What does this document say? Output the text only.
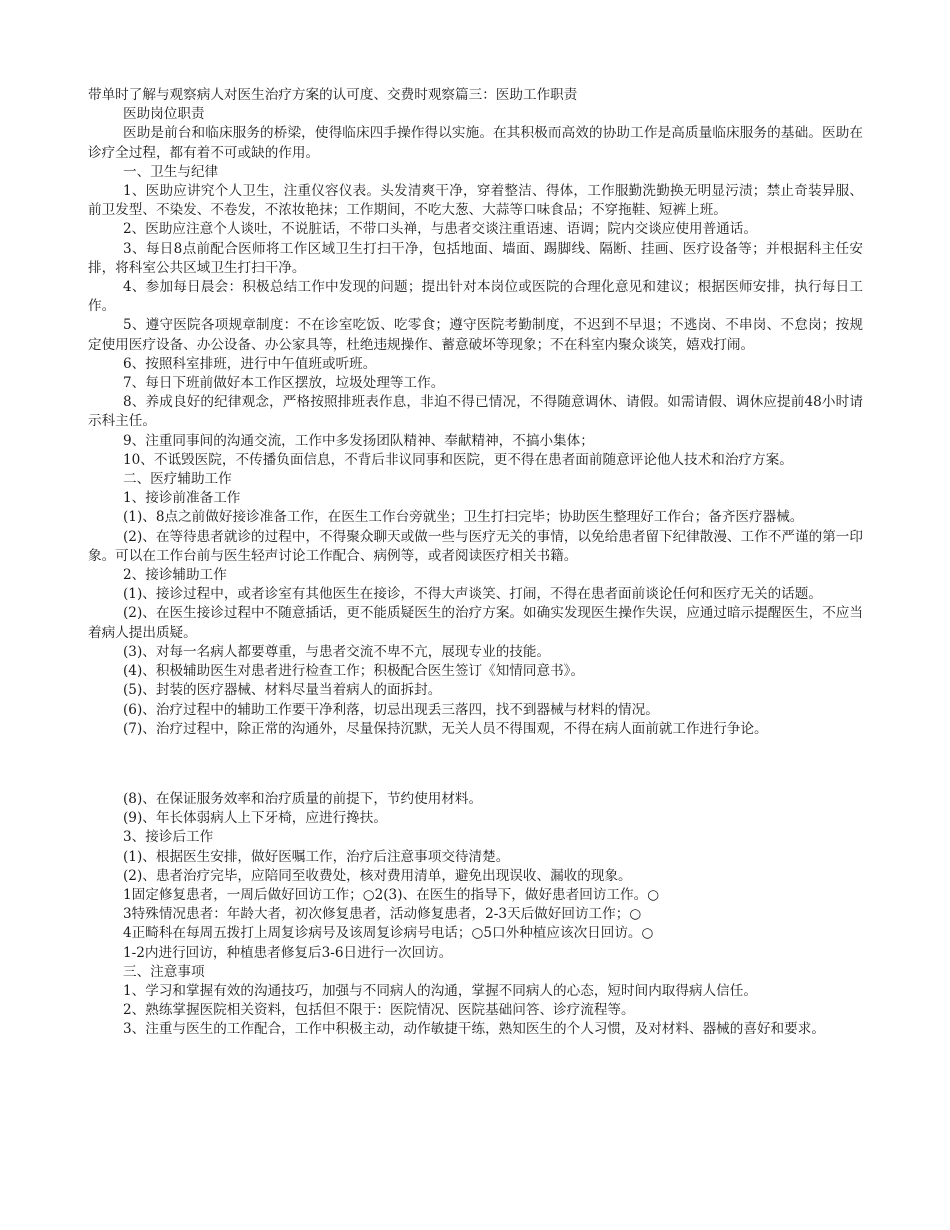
带单时了解与观察病人对医生治疗方案的认可度、交费时观察篇三：医助工作职责

医助岗位职责

医助是前台和临床服务的桥梁，使得临床四手操作得以实施。在其积极而高效的协助工作是高质量临床服务的基础。医助在诊疗全过程，都有着不可或缺的作用。

一、卫生与纪律

1、医助应讲究个人卫生，注重仪容仪表。头发清爽干净，穿着整洁、得体，工作服勤洗勤换无明显污渍；禁止奇装异服、前卫发型、不染发、不卷发，不浓妆艳抹；工作期间，不吃大葱、大蒜等口味食品；不穿拖鞋、短裤上班。

2、医助应注意个人谈吐，不说脏话，不带口头禅，与患者交谈注重语速、语调；院内交谈应使用普通话。

3、每日8点前配合医师将工作区域卫生打扫干净，包括地面、墙面、踢脚线、隔断、挂画、医疗设备等；并根据科主任安排，将科室公共区域卫生打扫干净。

4、参加每日晨会：积极总结工作中发现的问题；提出针对本岗位或医院的合理化意见和建议；根据医师安排，执行每日工作。

5、遵守医院各项规章制度：不在诊室吃饭、吃零食；遵守医院考勤制度，不迟到不早退；不逃岗、不串岗、不怠岗；按规定使用医疗设备、办公设备、办公家具等，杜绝违规操作、蓄意破坏等现象；不在科室内聚众谈笑，嬉戏打闹。

6、按照科室排班，进行中午值班或听班。

7、每日下班前做好本工作区摆放，垃圾处理等工作。

8、养成良好的纪律观念，严格按照排班表作息，非迫不得已情况，不得随意调休、请假。如需请假、调休应提前48小时请示科主任。

9、注重同事间的沟通交流，工作中多发扬团队精神、奉献精神，不搞小集体；

10、不诋毁医院，不传播负面信息，不背后非议同事和医院，更不得在患者面前随意评论他人技术和治疗方案。

二、医疗辅助工作

1、接诊前准备工作

(1)、8点之前做好接诊准备工作，在医生工作台旁就坐；卫生打扫完毕；协助医生整理好工作台；备齐医疗器械。

(2)、在等待患者就诊的过程中，不得聚众聊天或做一些与医疗无关的事情，以免给患者留下纪律散漫、工作不严谨的第一印象。可以在工作台前与医生轻声讨论工作配合、病例等，或者阅读医疗相关书籍。

2、接诊辅助工作

(1)、接诊过程中，或者诊室有其他医生在接诊，不得大声谈笑、打闹，不得在患者面前谈论任何和医疗无关的话题。

(2)、在医生接诊过程中不随意插话，更不能质疑医生的治疗方案。如确实发现医生操作失误，应通过暗示提醒医生，不应当着病人提出质疑。

(3)、对每一名病人都要尊重，与患者交流不卑不亢，展现专业的技能。

(4)、积极辅助医生对患者进行检查工作；积极配合医生签订《知情同意书》。

(5)、封装的医疗器械、材料尽量当着病人的面拆封。

(6)、治疗过程中的辅助工作要干净利落，切忌出现丢三落四，找不到器械与材料的情况。

(7)、治疗过程中，除正常的沟通外，尽量保持沉默，无关人员不得围观，不得在病人面前就工作进行争论。

(8)、在保证服务效率和治疗质量的前提下，节约使用材料。

(9)、年长体弱病人上下牙椅，应进行搀扶。

3、接诊后工作

(1)、根据医生安排，做好医嘱工作，治疗后注意事项交待清楚。

(2)、患者治疗完毕，应陪同至收费处，核对费用清单，避免出现误收、漏收的现象。

1固定修复患者，一周后做好回访工作；○2(3)、在医生的指导下，做好患者回访工作。○

3特殊情况患者：年龄大者，初次修复患者，活动修复患者，2-3天后做好回访工作；○

4正畸科在每周五拨打上周复诊病号及该周复诊病号电话；○5口外种植应该次日回访。○

1-2内进行回访，种植患者修复后3-6日进行一次回访。

三、注意事项

1、学习和掌握有效的沟通技巧，加强与不同病人的沟通，掌握不同病人的心态，短时间内取得病人信任。

2、熟练掌握医院相关资料，包括但不限于：医院情况、医院基础问答、诊疗流程等。

3、注重与医生的工作配合，工作中积极主动，动作敏捷干练，熟知医生的个人习惯，及对材料、器械的喜好和要求。
